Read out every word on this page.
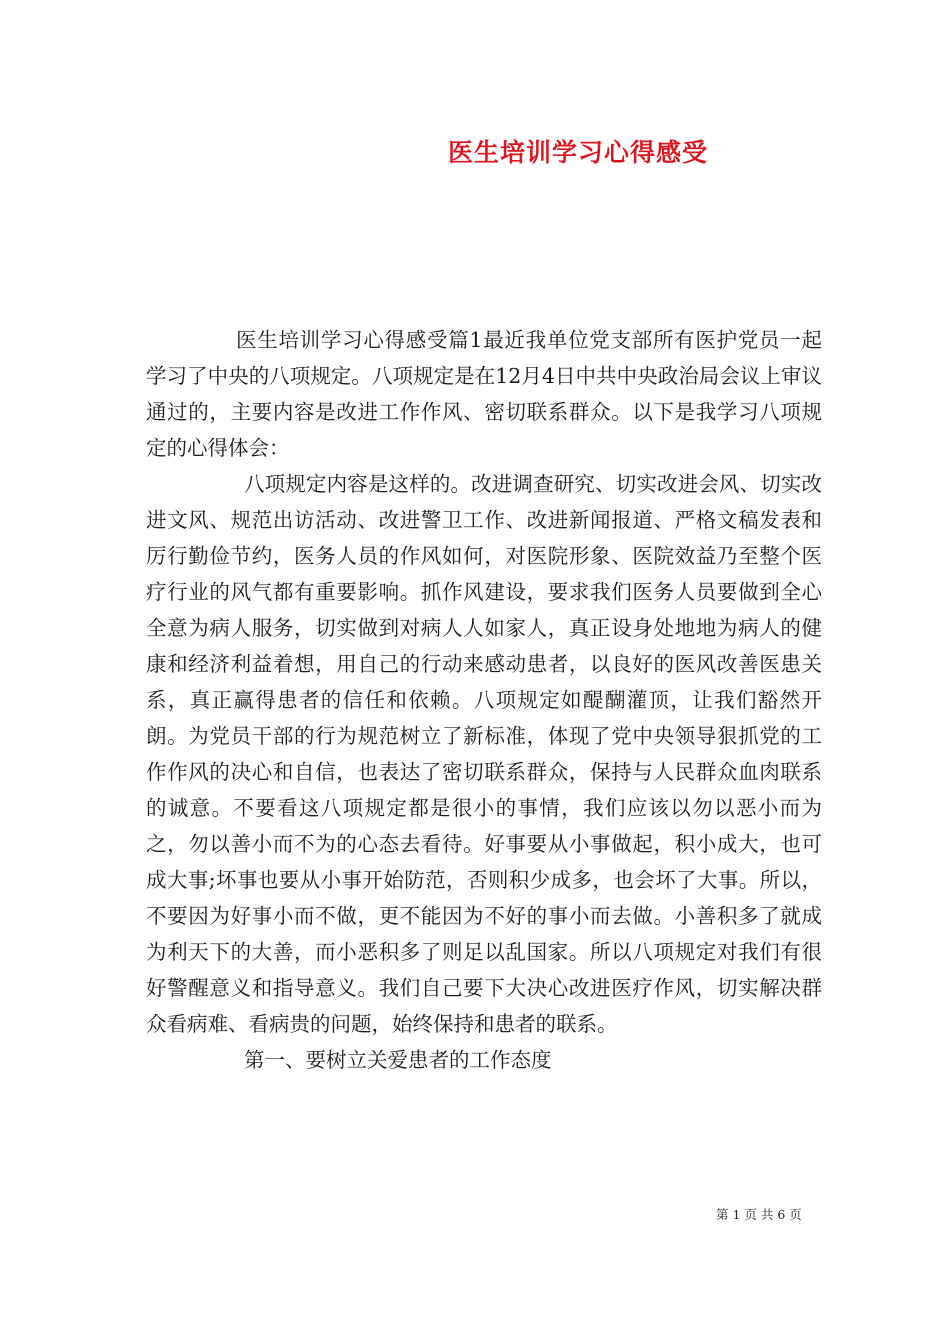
医生培训学习心得感受

医生培训学习心得感受篇1最近我单位党支部所有医护党员一起学习了中央的八项规定。八项规定是在12月4日中共中央政治局会议上审议通过的，主要内容是改进工作作风、密切联系群众。以下是我学习八项规定的心得体会：

八项规定内容是这样的。改进调查研究、切实改进会风、切实改进文风、规范出访活动、改进警卫工作、改进新闻报道、严格文稿发表和厉行勤俭节约，医务人员的作风如何，对医院形象、医院效益乃至整个医疗行业的风气都有重要影响。抓作风建设，要求我们医务人员要做到全心全意为病人服务，切实做到对病人人如家人，真正设身处地地为病人的健康和经济利益着想，用自己的行动来感动患者，以良好的医风改善医患关系，真正赢得患者的信任和依赖。八项规定如醍醐灌顶，让我们豁然开朗。为党员干部的行为规范树立了新标准，体现了党中央领导狠抓党的工作作风的决心和自信，也表达了密切联系群众，保持与人民群众血肉联系的诚意。不要看这八项规定都是很小的事情，我们应该以勿以恶小而为之，勿以善小而不为的心态去看待。好事要从小事做起，积小成大，也可成大事;坏事也要从小事开始防范，否则积少成多，也会坏了大事。所以，不要因为好事小而不做，更不能因为不好的事小而去做。小善积多了就成为利天下的大善，而小恶积多了则足以乱国家。所以八项规定对我们有很好警醒意义和指导意义。我们自己要下大决心改进医疗作风，切实解决群众看病难、看病贵的问题，始终保持和患者的联系。

第一、要树立关爱患者的工作态度

第 1 页 共 6 页
